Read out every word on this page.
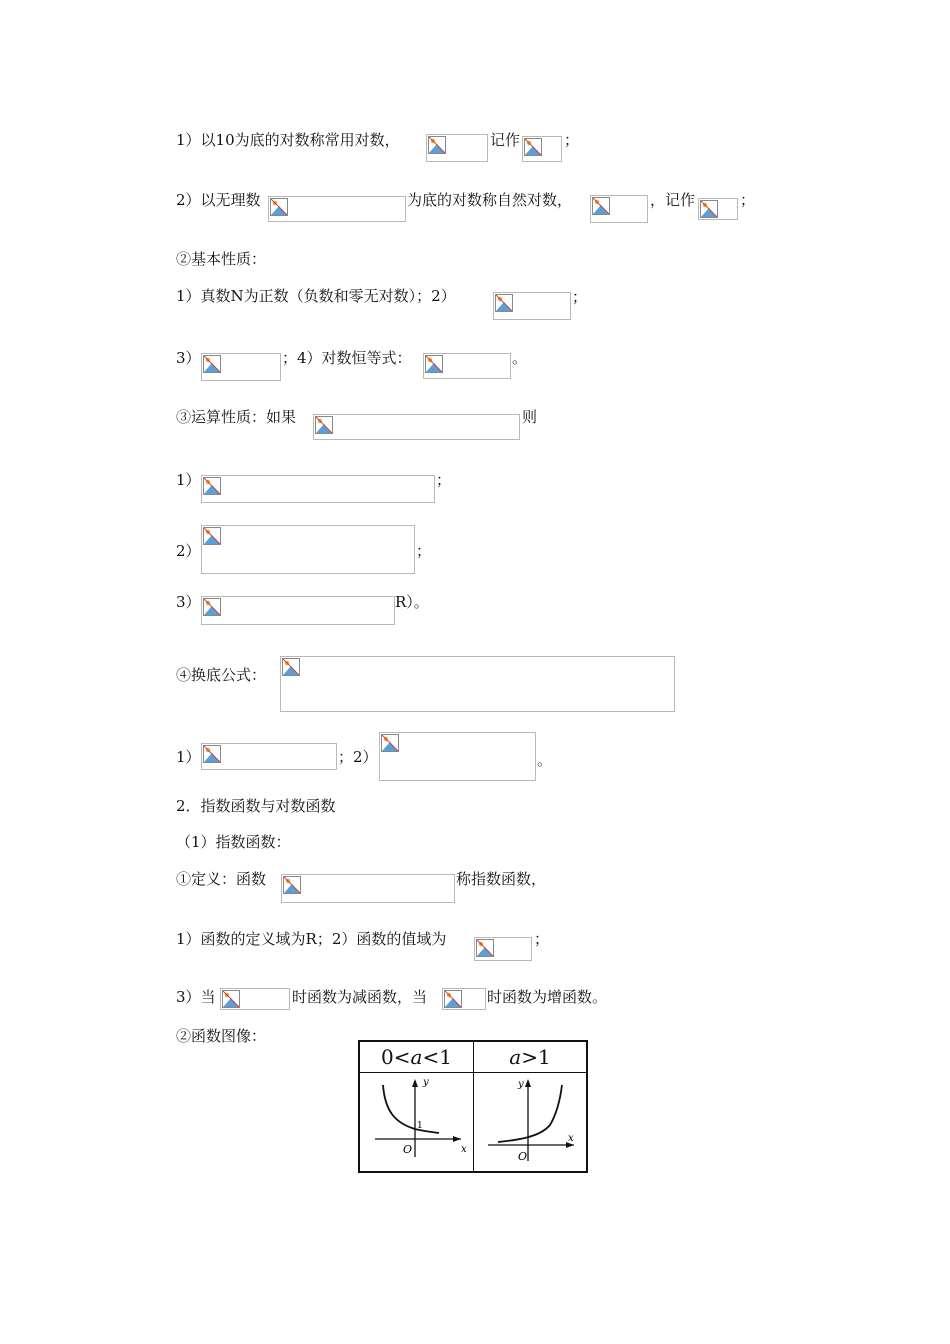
1）以10为底的对数称常用对数，	记作	；
2）以无理数	为底的对数称自然对数，	，记作	；
②基本性质：
1）真数N为正数（负数和零无对数）；2）	；
3）	；4）对数恒等式：	。
③运算性质：如果	则
1）	；
2）	；
3）	R）。
④换底公式：
1）	；2）	。
2．指数函数与对数函数
（1）指数函数：
①定义：函数	称指数函数，
1）函数的定义域为R；2）函数的值域为	；
3）当	时函数为减函数，当	时函数为增函数。
②函数图像：
0<a<1	a>1

y
x
O
1	y
x
O
